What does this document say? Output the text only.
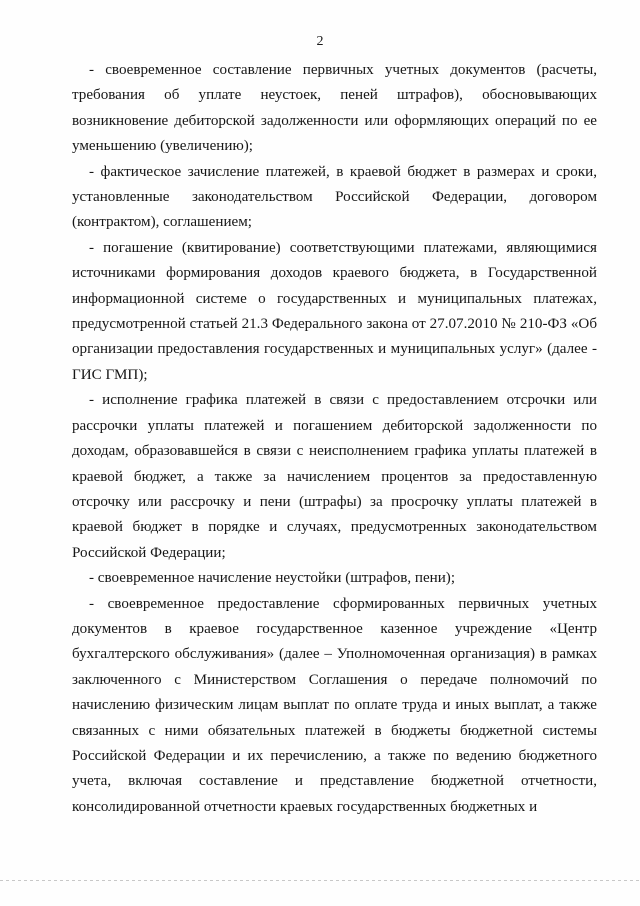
2

- своевременное составление первичных учетных документов (расчеты, требования об уплате неустоек, пеней штрафов), обосновывающих возникновение дебиторской задолженности или оформляющих операций по ее уменьшению (увеличению);

- фактическое зачисление платежей, в краевой бюджет в размерах и сроки, установленные законодательством Российской Федерации, договором (контрактом), соглашением;

- погашение (квитирование) соответствующими платежами, являющимися источниками формирования доходов краевого бюджета, в Государственной информационной системе о государственных и муниципальных платежах, предусмотренной статьей 21.3 Федерального закона от 27.07.2010 № 210-ФЗ «Об организации предоставления государственных и муниципальных услуг» (далее - ГИС ГМП);

- исполнение графика платежей в связи с предоставлением отсрочки или рассрочки уплаты платежей и погашением дебиторской задолженности по доходам, образовавшейся в связи с неисполнением графика уплаты платежей в краевой бюджет, а также за начислением процентов за предоставленную отсрочку или рассрочку и пени (штрафы) за просрочку уплаты платежей в краевой бюджет в порядке и случаях, предусмотренных законодательством Российской Федерации;

- своевременное начисление неустойки (штрафов, пени);

- своевременное предоставление сформированных первичных учетных документов в краевое государственное казенное учреждение «Центр бухгалтерского обслуживания» (далее – Уполномоченная организация) в рамках заключенного с Министерством Соглашения о передаче полномочий по начислению физическим лицам выплат по оплате труда и иных выплат, а также связанных с ними обязательных платежей в бюджеты бюджетной системы Российской Федерации и их перечислению, а также по ведению бюджетного учета, включая составление и представление бюджетной отчетности, консолидированной отчетности краевых государственных бюджетных и
